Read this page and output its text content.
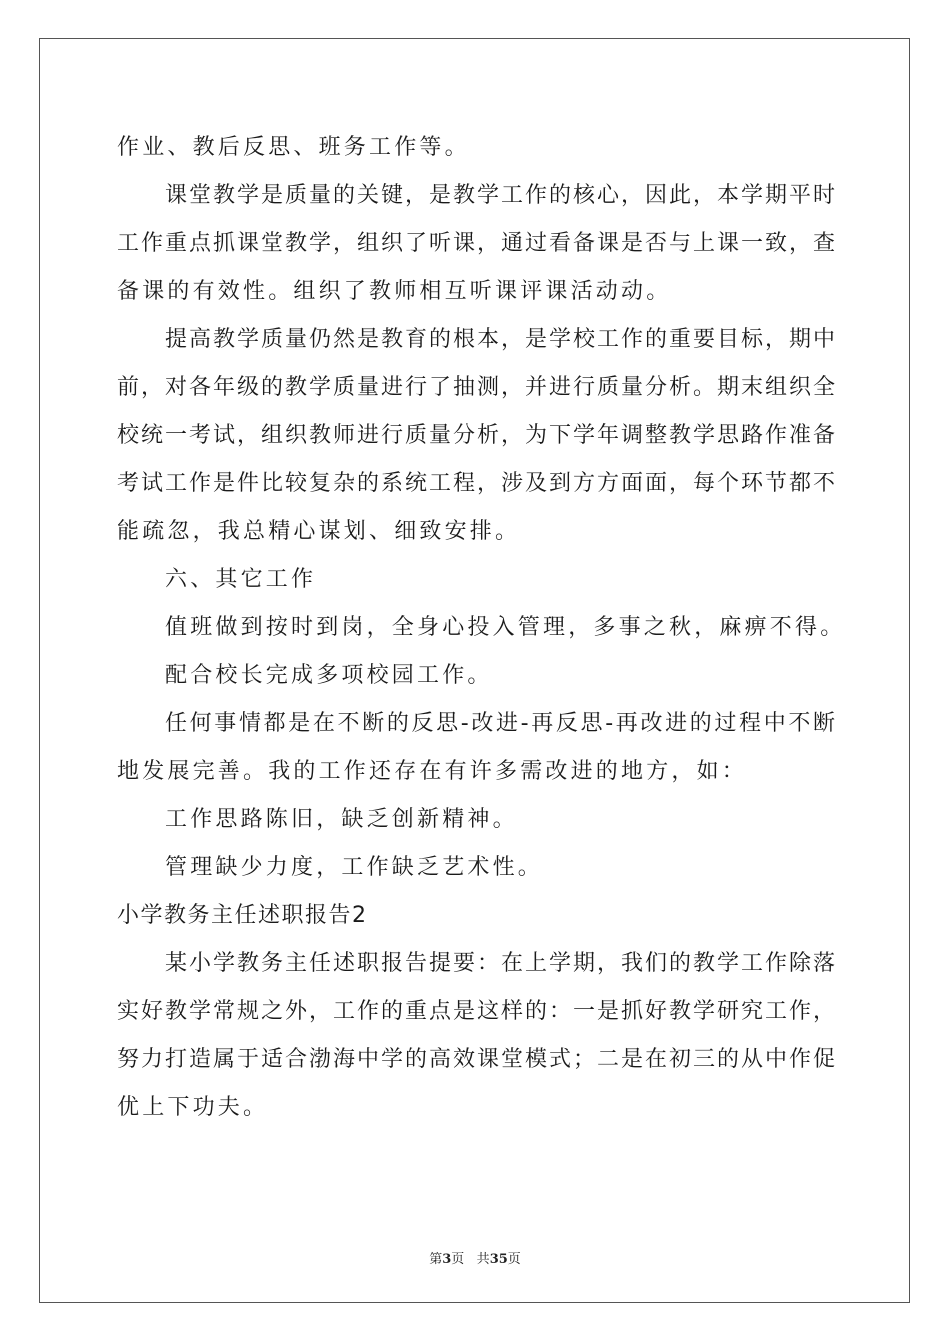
作业、教后反思、班务工作等。
课堂教学是质量的关键，是教学工作的核心，因此，本学期平时
工作重点抓课堂教学，组织了听课，通过看备课是否与上课一致，查
备课的有效性。组织了教师相互听课评课活动动。
提高教学质量仍然是教育的根本，是学校工作的重要目标，期中
前，对各年级的教学质量进行了抽测，并进行质量分析。期末组织全
校统一考试，组织教师进行质量分析，为下学年调整教学思路作准备
考试工作是件比较复杂的系统工程，涉及到方方面面，每个环节都不
能疏忽，我总精心谋划、细致安排。
六、其它工作
值班做到按时到岗，全身心投入管理，多事之秋，麻痹不得。
配合校长完成多项校园工作。
任何事情都是在不断的反思-改进-再反思-再改进的过程中不断
地发展完善。我的工作还存在有许多需改进的地方，如：
工作思路陈旧，缺乏创新精神。
管理缺少力度，工作缺乏艺术性。
小学教务主任述职报告2
某小学教务主任述职报告提要：在上学期，我们的教学工作除落
实好教学常规之外，工作的重点是这样的：一是抓好教学研究工作，
努力打造属于适合渤海中学的高效课堂模式；二是在初三的从中作促
优上下功夫。
第3页 共35页
